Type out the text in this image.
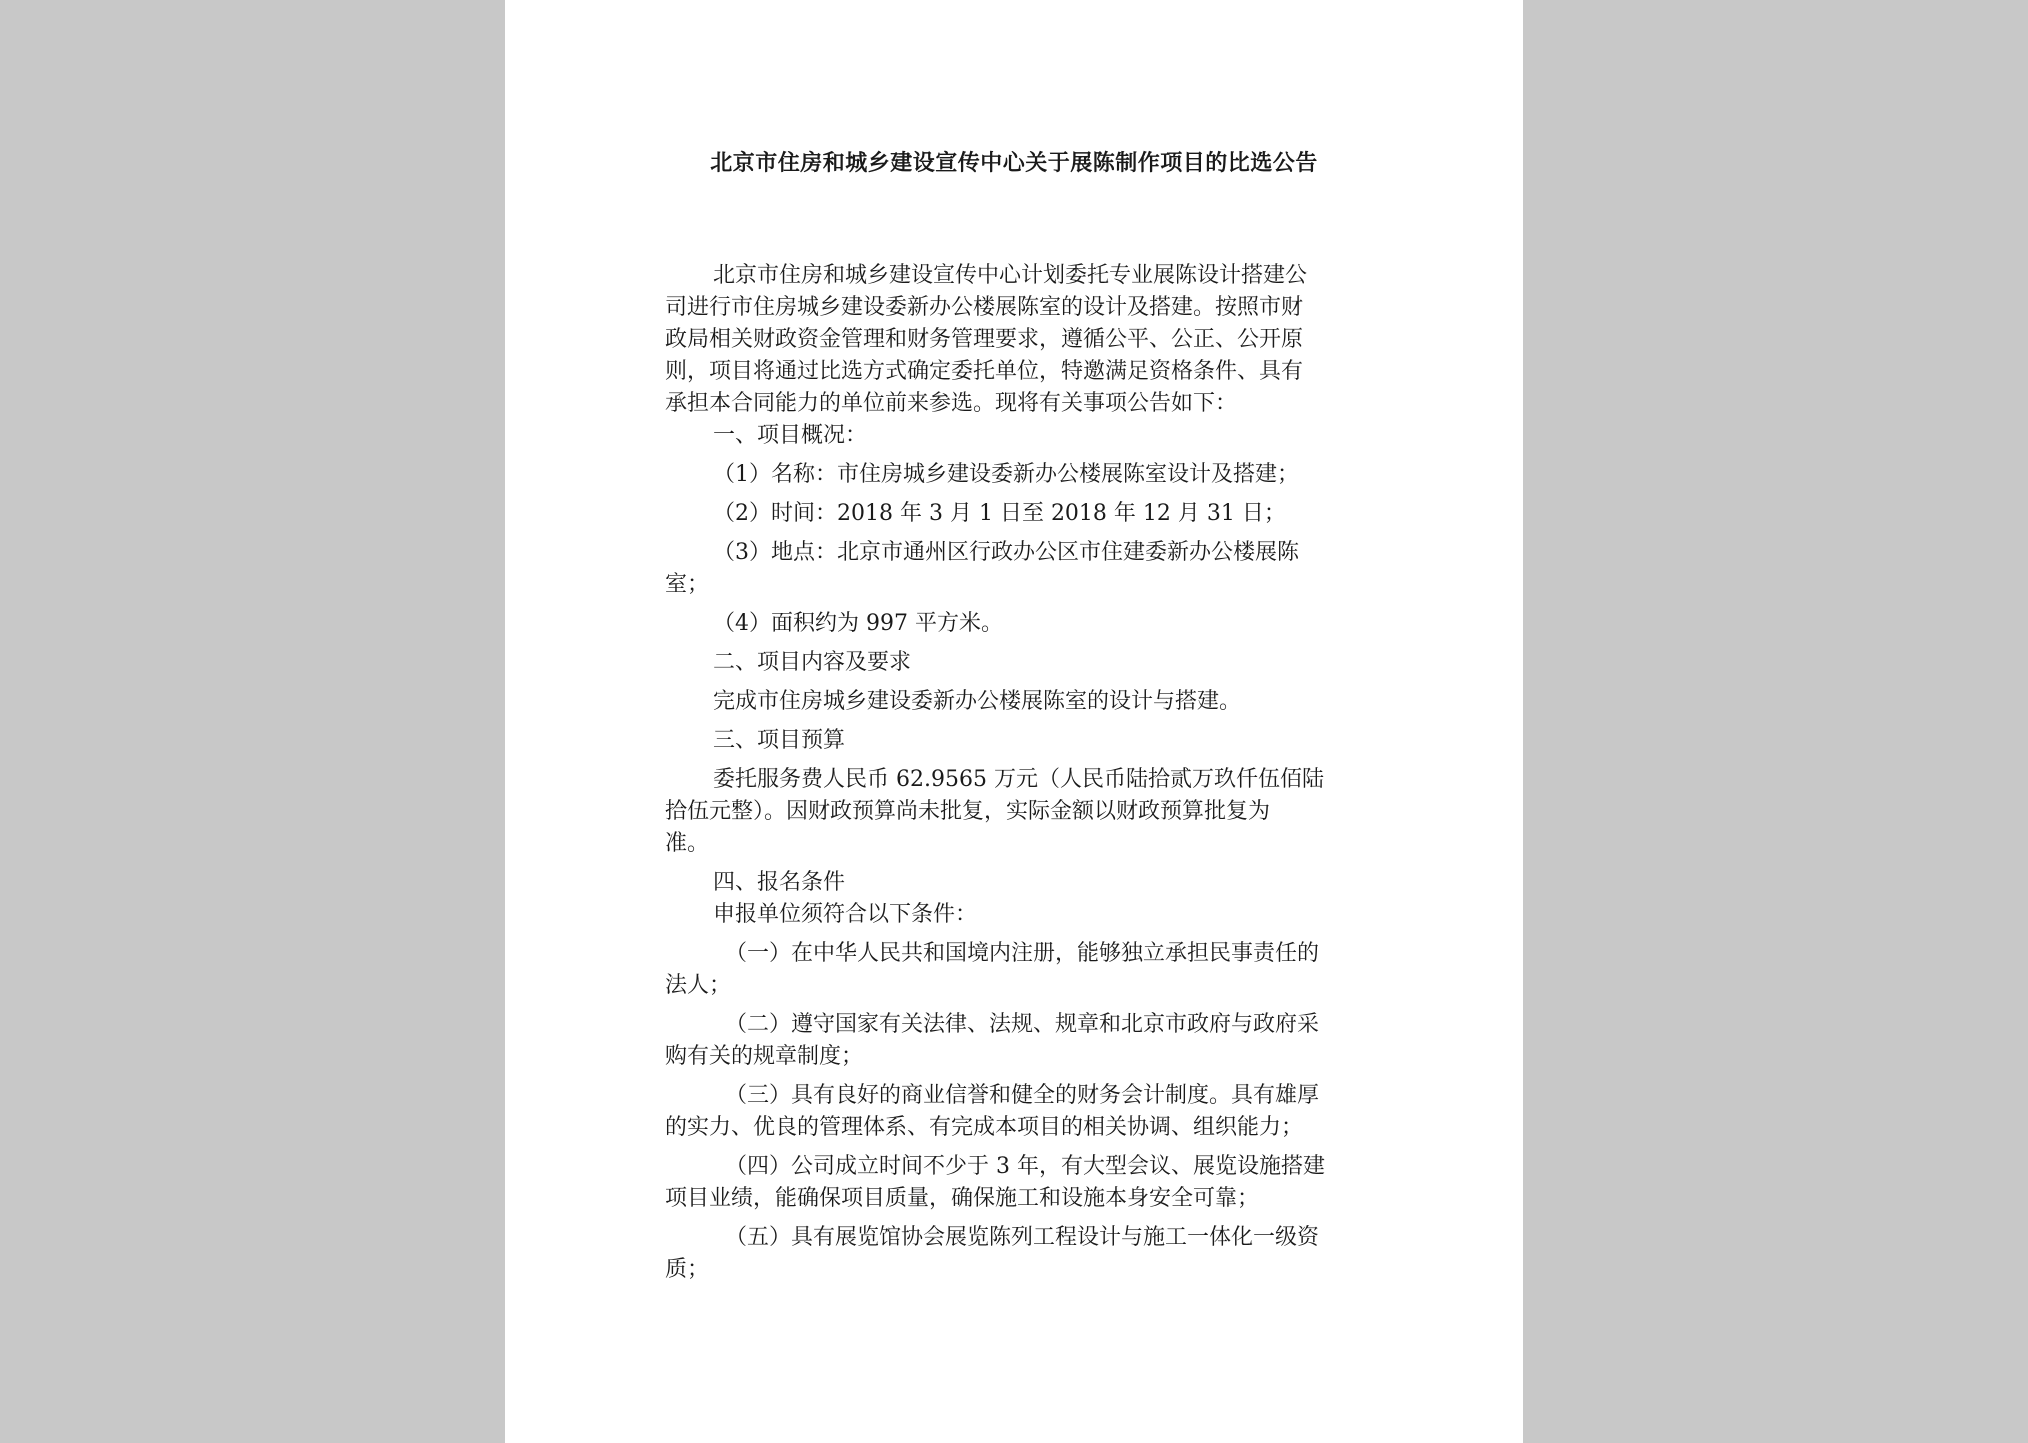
北京市住房和城乡建设宣传中心关于展陈制作项目的比选公告

北京市住房和城乡建设宣传中心计划委托专业展陈设计搭建公

司进行市住房城乡建设委新办公楼展陈室的设计及搭建。按照市财

政局相关财政资金管理和财务管理要求，遵循公平、公正、公开原

则，项目将通过比选方式确定委托单位，特邀满足资格条件、具有

承担本合同能力的单位前来参选。现将有关事项公告如下：

一、项目概况：

（1）名称：市住房城乡建设委新办公楼展陈室设计及搭建；

（2）时间：2018 年 3 月 1 日至 2018 年 12 月 31 日；

（3）地点：北京市通州区行政办公区市住建委新办公楼展陈

室；

（4）面积约为 997 平方米。

二、项目内容及要求

完成市住房城乡建设委新办公楼展陈室的设计与搭建。

三、项目预算

委托服务费人民币 62.9565 万元（人民币陆拾贰万玖仟伍佰陆

拾伍元整）。因财政预算尚未批复，实际金额以财政预算批复为

准。

四、报名条件

申报单位须符合以下条件：

（一）在中华人民共和国境内注册，能够独立承担民事责任的

法人；

（二）遵守国家有关法律、法规、规章和北京市政府与政府采

购有关的规章制度；

（三）具有良好的商业信誉和健全的财务会计制度。具有雄厚

的实力、优良的管理体系、有完成本项目的相关协调、组织能力；

（四）公司成立时间不少于 3 年，有大型会议、展览设施搭建

项目业绩，能确保项目质量，确保施工和设施本身安全可靠；

（五）具有展览馆协会展览陈列工程设计与施工一体化一级资

质；
